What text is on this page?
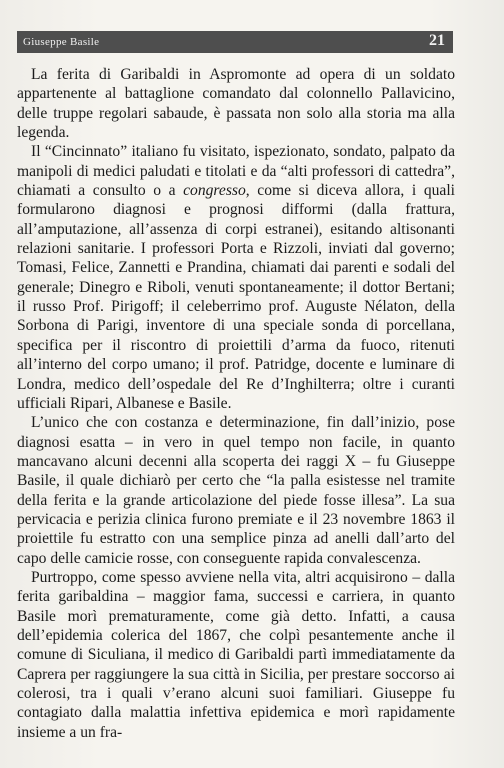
Giuseppe Basile	21

La ferita di Garibaldi in Aspromonte ad opera di un soldato appartenente al battaglione comandato dal colonnello Pallavicino, delle truppe regolari sabaude, è passata non solo alla storia ma alla legenda.

Il “Cincinnato” italiano fu visitato, ispezionato, sondato, palpato da manipoli di medici paludati e titolati e da “alti professori di cattedra”, chiamati a consulto o a congresso, come si diceva allora, i quali formularono diagnosi e prognosi difformi (dalla frattura, all’amputazione, all’assenza di corpi estranei), esitando altisonanti relazioni sanitarie. I professori Porta e Rizzoli, inviati dal governo; Tomasi, Felice, Zannetti e Prandina, chiamati dai parenti e sodali del generale; Dinegro e Riboli, venuti spontaneamente; il dottor Bertani; il russo Prof. Pirigoff; il celeberrimo prof. Auguste Nélaton, della Sorbona di Parigi, inventore di una speciale sonda di porcellana, specifica per il riscontro di proiettili d’arma da fuoco, ritenuti all’interno del corpo umano; il prof. Patridge, docente e luminare di Londra, medico dell’ospedale del Re d’Inghilterra; oltre i curanti ufficiali Ripari, Albanese e Basile.

L’unico che con costanza e determinazione, fin dall’inizio, pose diagnosi esatta – in vero in quel tempo non facile, in quanto mancavano alcuni decenni alla scoperta dei raggi X – fu Giuseppe Basile, il quale dichiarò per certo che “la palla esistesse nel tramite della ferita e la grande articolazione del piede fosse illesa”. La sua pervicacia e perizia clinica furono premiate e il 23 novembre 1863 il proiettile fu estratto con una semplice pinza ad anelli dall’arto del capo delle camicie rosse, con conseguente rapida convalescenza.

Purtroppo, come spesso avviene nella vita, altri acquisirono – dalla ferita garibaldina – maggior fama, successi e carriera, in quanto Basile morì prematuramente, come già detto. Infatti, a causa dell’epidemia colerica del 1867, che colpì pesantemente anche il comune di Siculiana, il medico di Garibaldi partì immediatamente da Caprera per raggiungere la sua città in Sicilia, per prestare soccorso ai colerosi, tra i quali v’erano alcuni suoi familiari. Giuseppe fu contagiato dalla malattia infettiva epidemica e morì rapidamente insieme a un fra-
